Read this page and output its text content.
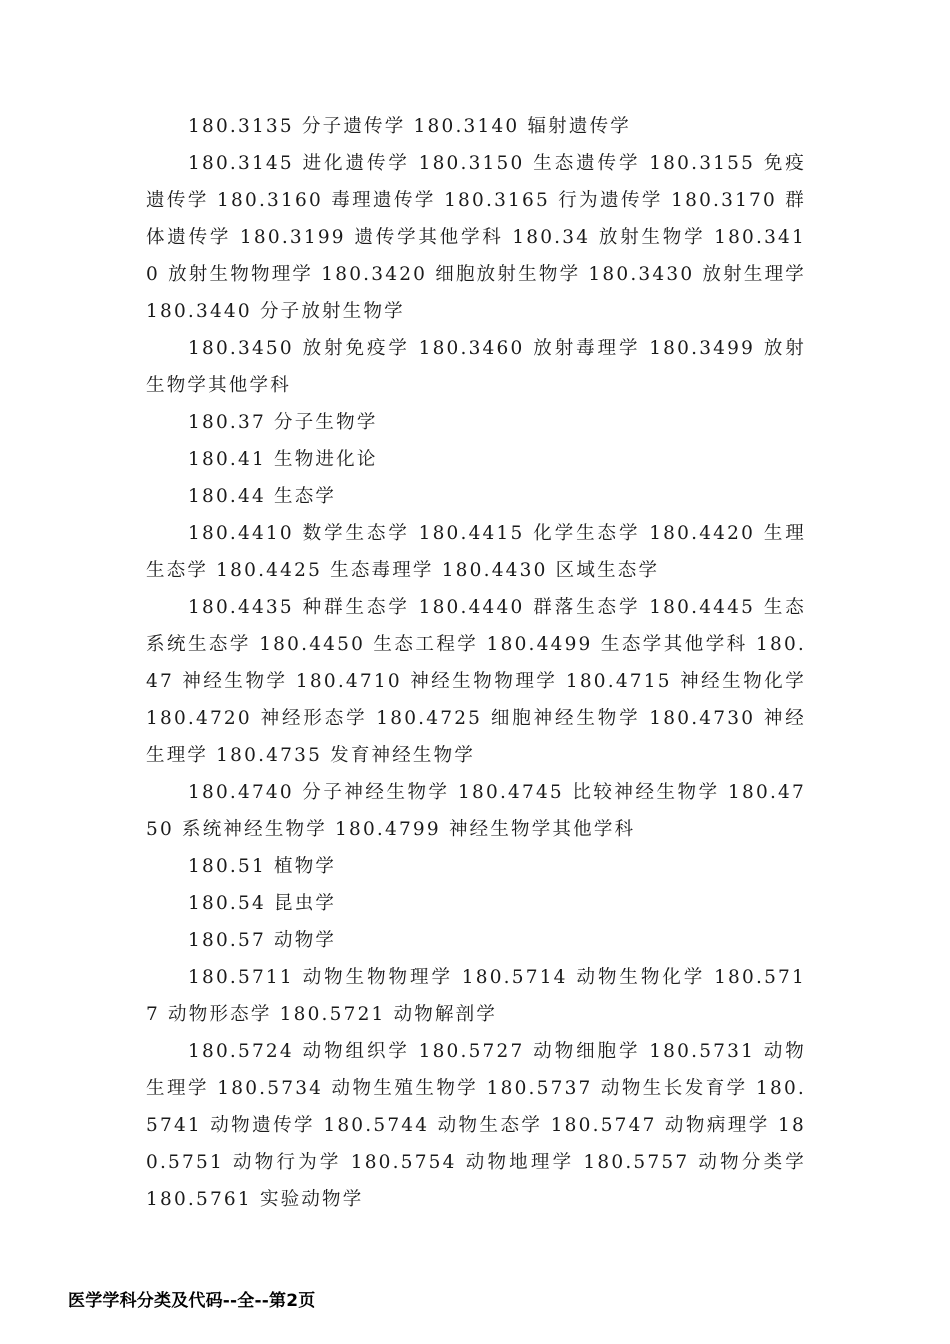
180.3135 分子遗传学 180.3140 辐射遗传学

180.3145 进化遗传学 180.3150 生态遗传学 180.3155 免疫遗传学 180.3160 毒理遗传学 180.3165 行为遗传学 180.3170 群体遗传学 180.3199 遗传学其他学科 180.34 放射生物学 180.3410 放射生物物理学 180.3420 细胞放射生物学 180.3430 放射生理学 180.3440 分子放射生物学

180.3450 放射免疫学 180.3460 放射毒理学 180.3499 放射生物学其他学科

180.37 分子生物学

180.41 生物进化论

180.44 生态学

180.4410 数学生态学 180.4415 化学生态学 180.4420 生理生态学 180.4425 生态毒理学 180.4430 区域生态学

180.4435 种群生态学 180.4440 群落生态学 180.4445 生态系统生态学 180.4450 生态工程学 180.4499 生态学其他学科 180.47 神经生物学 180.4710 神经生物物理学 180.4715 神经生物化学 180.4720 神经形态学 180.4725 细胞神经生物学 180.4730 神经生理学 180.4735 发育神经生物学

180.4740 分子神经生物学 180.4745 比较神经生物学 180.4750 系统神经生物学 180.4799 神经生物学其他学科

180.51 植物学

180.54 昆虫学

180.57 动物学

180.5711 动物生物物理学 180.5714 动物生物化学 180.5717 动物形态学 180.5721 动物解剖学

180.5724 动物组织学 180.5727 动物细胞学 180.5731 动物生理学 180.5734 动物生殖生物学 180.5737 动物生长发育学 180.5741 动物遗传学 180.5744 动物生态学 180.5747 动物病理学 180.5751 动物行为学 180.5754 动物地理学 180.5757 动物分类学 180.5761 实验动物学

医学学科分类及代码--全--第2页
